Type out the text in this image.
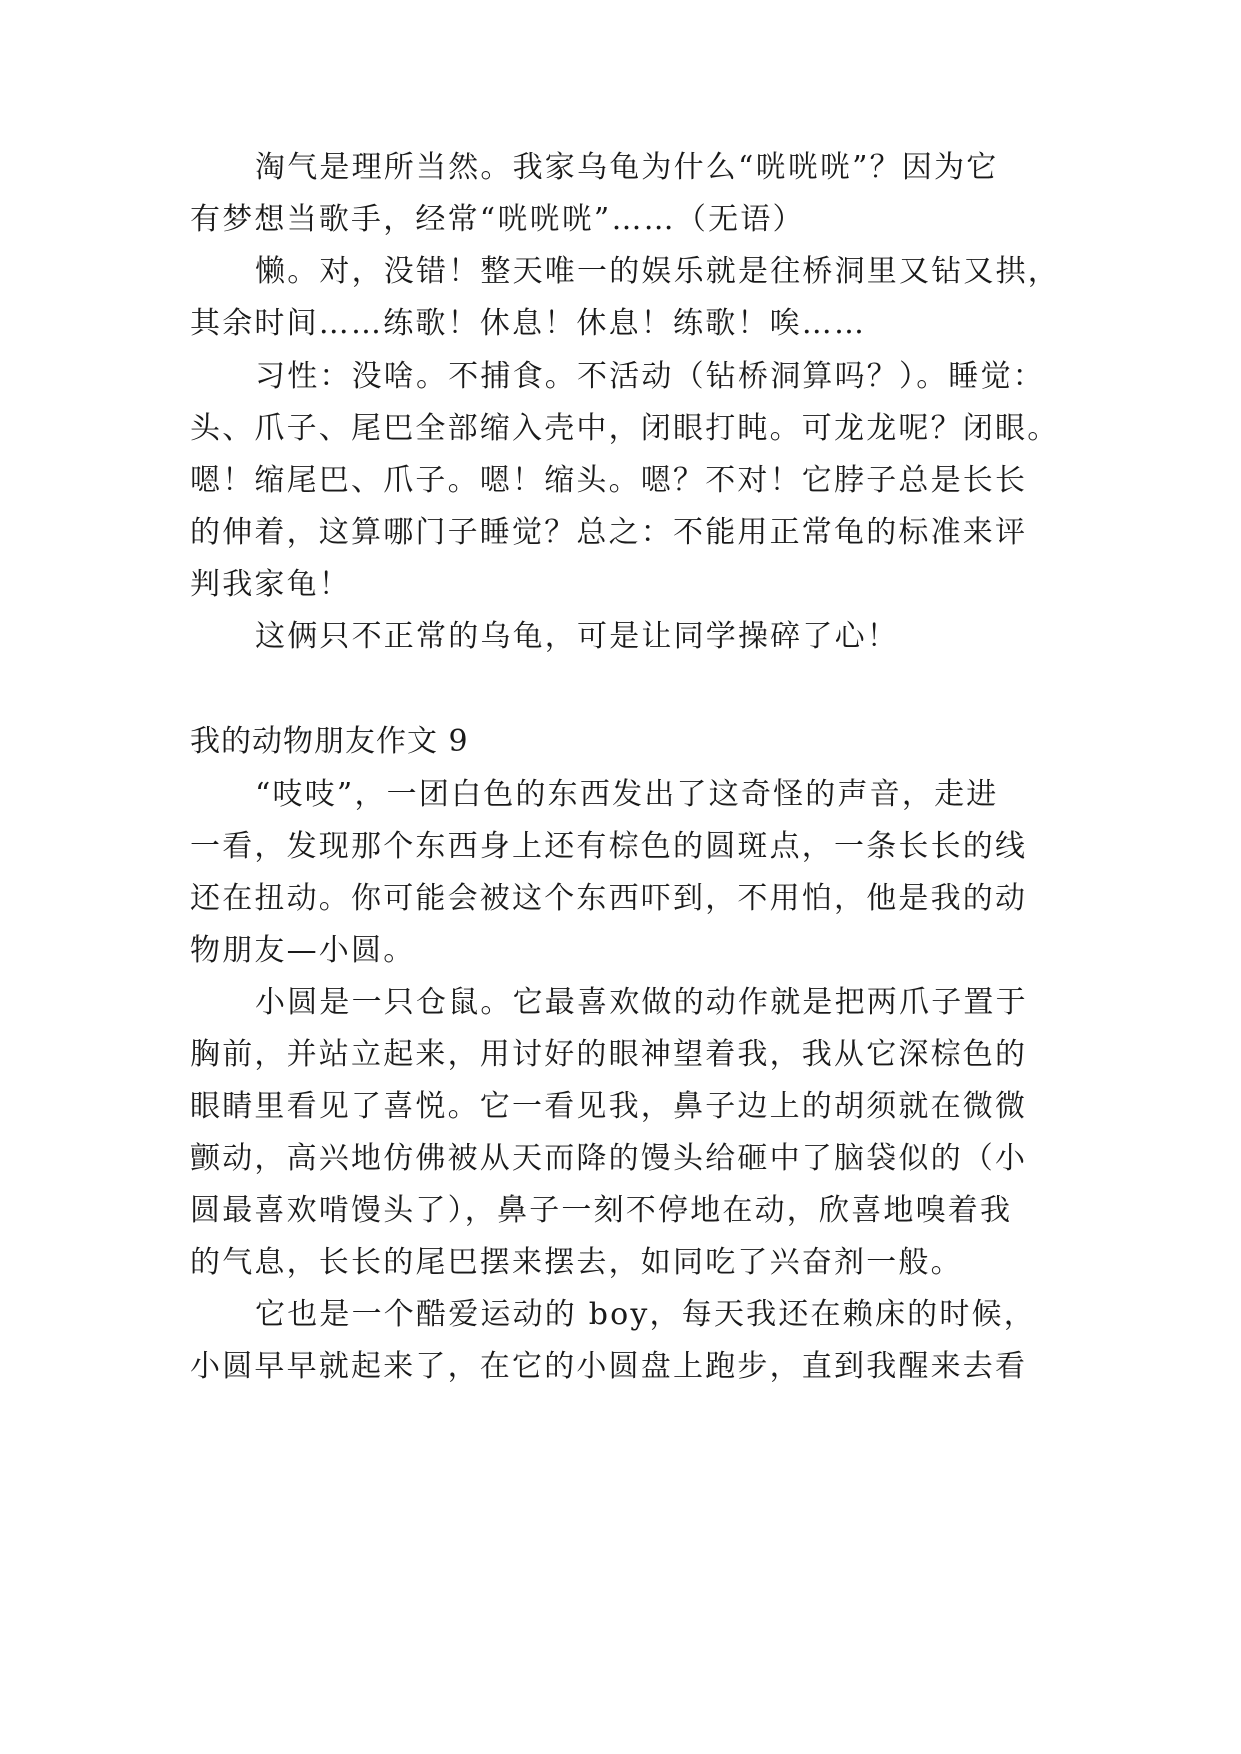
淘气是理所当然。我家乌龟为什么“咣咣咣”？因为它
有梦想当歌手，经常“咣咣咣”……（无语）
懒。对，没错！整天唯一的娱乐就是往桥洞里又钻又拱，
其余时间……练歌！休息！休息！练歌！唉……
习性：没啥。不捕食。不活动（钻桥洞算吗？）。睡觉：
头、爪子、尾巴全部缩入壳中，闭眼打盹。可龙龙呢？闭眼。
嗯！缩尾巴、爪子。嗯！缩头。嗯？不对！它脖子总是长长
的伸着，这算哪门子睡觉？总之：不能用正常龟的标准来评
判我家龟！
这俩只不正常的乌龟，可是让同学操碎了心！
我的动物朋友作文 9
“吱吱”，一团白色的东西发出了这奇怪的声音，走进
一看，发现那个东西身上还有棕色的圆斑点，一条长长的线
还在扭动。你可能会被这个东西吓到，不用怕，他是我的动
物朋友—小圆。
小圆是一只仓鼠。它最喜欢做的动作就是把两爪子置于
胸前，并站立起来，用讨好的眼神望着我，我从它深棕色的
眼睛里看见了喜悦。它一看见我，鼻子边上的胡须就在微微
颤动，高兴地仿佛被从天而降的馒头给砸中了脑袋似的（小
圆最喜欢啃馒头了），鼻子一刻不停地在动，欣喜地嗅着我
的气息，长长的尾巴摆来摆去，如同吃了兴奋剂一般。
它也是一个酷爱运动的 boy，每天我还在赖床的时候，
小圆早早就起来了，在它的小圆盘上跑步，直到我醒来去看
